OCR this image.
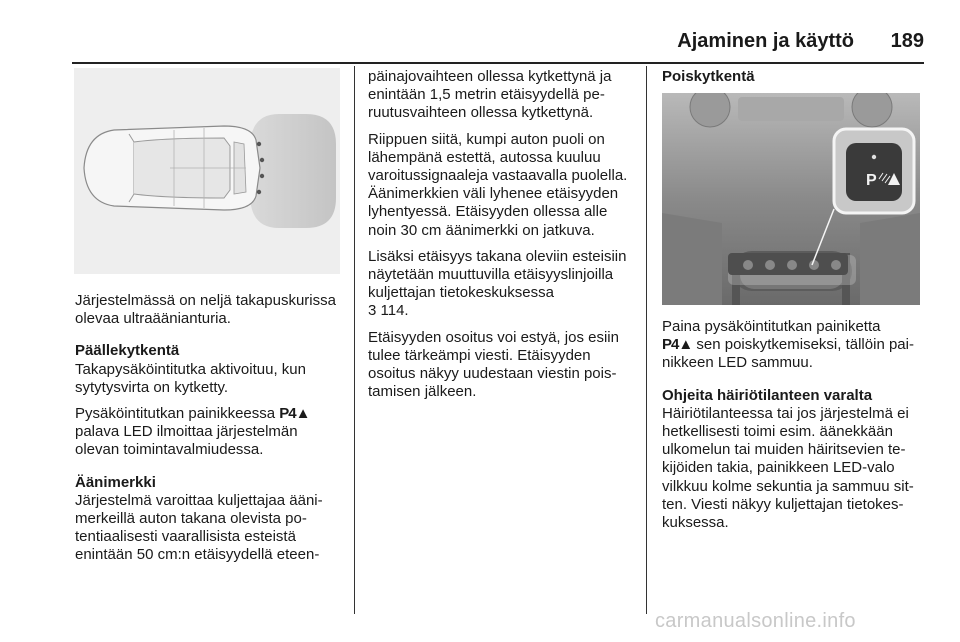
Ajaminen ja käyttö 189
P

Järjestelmässä on neljä takapuskurissa olevaa ultraäänianturia.

Päällekytkentä

Takapysäköintitutka aktivoituu, kun sytytysvirta on kytketty.

Pysäköintitutkan painikkeessa P4▲ palava LED ilmoittaa järjestelmän olevan toimintavalmiudessa.

Äänimerkki

Järjestelmä varoittaa kuljettajaa äänimerkeillä auton takana olevista potentiaalisesti vaarallisista esteistä enintään 50 cm:n etäisyydellä eteen-

päinajovaihteen ollessa kytkettynä ja enintään 1,5 metrin etäisyydellä peruutusvaihteen ollessa kytkettynä.

Riippuen siitä, kumpi auton puoli on lähempänä estettä, autossa kuuluu varoitussignaaleja vastaavalla puolella. Äänimerkkien väli lyhenee etäisyyden lyhentyessä. Etäisyyden ollessa alle noin 30 cm äänimerkki on jatkuva.

Lisäksi etäisyys takana oleviin esteisiin näytetään muuttuvilla etäisyyslinjoilla kuljettajan tietokeskuksessa
3 114.

Etäisyyden osoitus voi estyä, jos esiin tulee tärkeämpi viesti. Etäisyyden osoitus näkyy uudestaan viestin poistamisen jälkeen.

Poiskytkentä

Paina pysäköintitutkan painiketta
P4▲ sen poiskytkemiseksi, tällöin painikkeen LED sammuu.

Ohjeita häiriötilanteen varalta

Häiriötilanteessa tai jos järjestelmä ei hetkellisesti toimi esim. äänekkään ulkomelun tai muiden häiritsevien tekijöiden takia, painikkeen LED-valo vilkkuu kolme sekuntia ja sammuu sitten. Viesti näkyy kuljettajan tietokeskuksessa.

carmanualsonline.info
